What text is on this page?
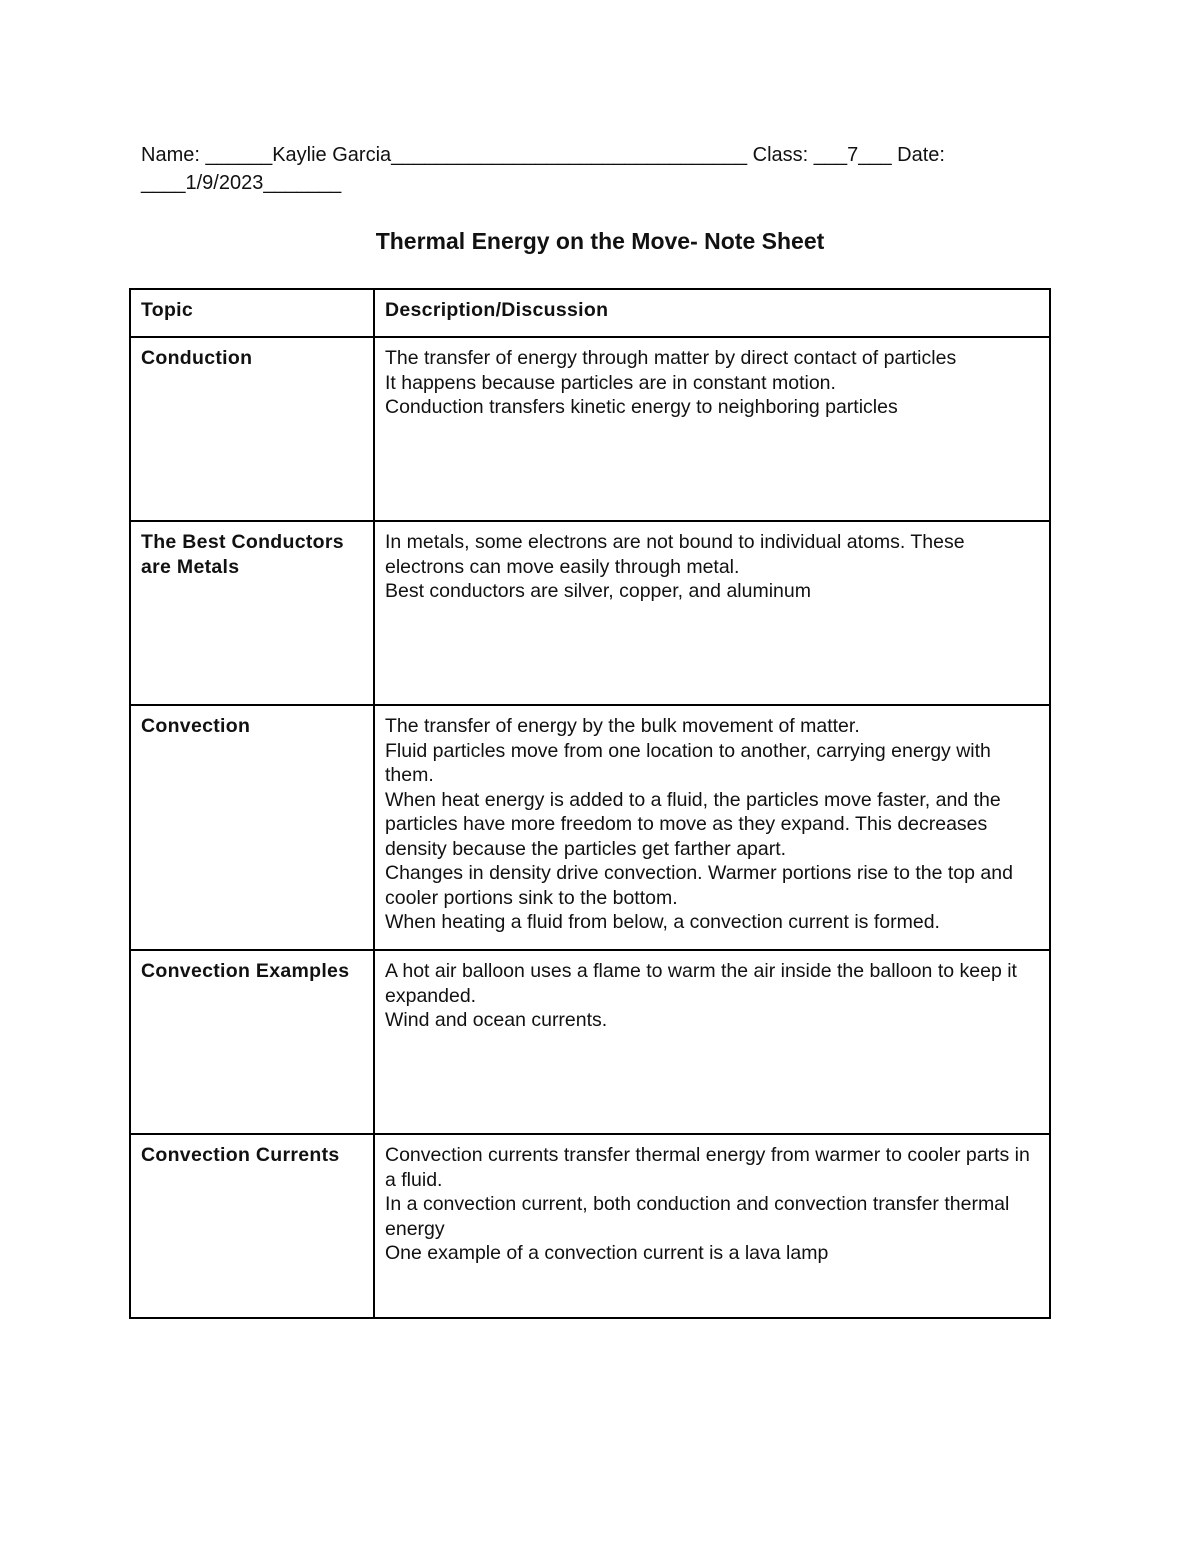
Name: ______Kaylie Garcia________________________________ Class: ___7___ Date:
____1/9/2023_______
Thermal Energy on the Move- Note Sheet
Topic	Description/Discussion
Conduction	The transfer of energy through matter by direct contact of particles
It happens because particles are in constant motion.
Conduction transfers kinetic energy to neighboring particles

The Best Conductors are Metals	In metals, some electrons are not bound to individual atoms. These electrons can move easily through metal.
Best conductors are silver, copper, and aluminum

Convection	The transfer of energy by the bulk movement of matter.
Fluid particles move from one location to another, carrying energy with them.
When heat energy is added to a fluid, the particles move faster, and the particles have more freedom to move as they expand. This decreases density because the particles get farther apart.
Changes in density drive convection. Warmer portions rise to the top and cooler portions sink to the bottom.
When heating a fluid from below, a convection current is formed.

Convection Examples	A hot air balloon uses a flame to warm the air inside the balloon to keep it expanded.
Wind and ocean currents.

Convection Currents	Convection currents transfer thermal energy from warmer to cooler parts in a fluid.
In a convection current, both conduction and convection transfer thermal energy
One example of a convection current is a lava lamp
